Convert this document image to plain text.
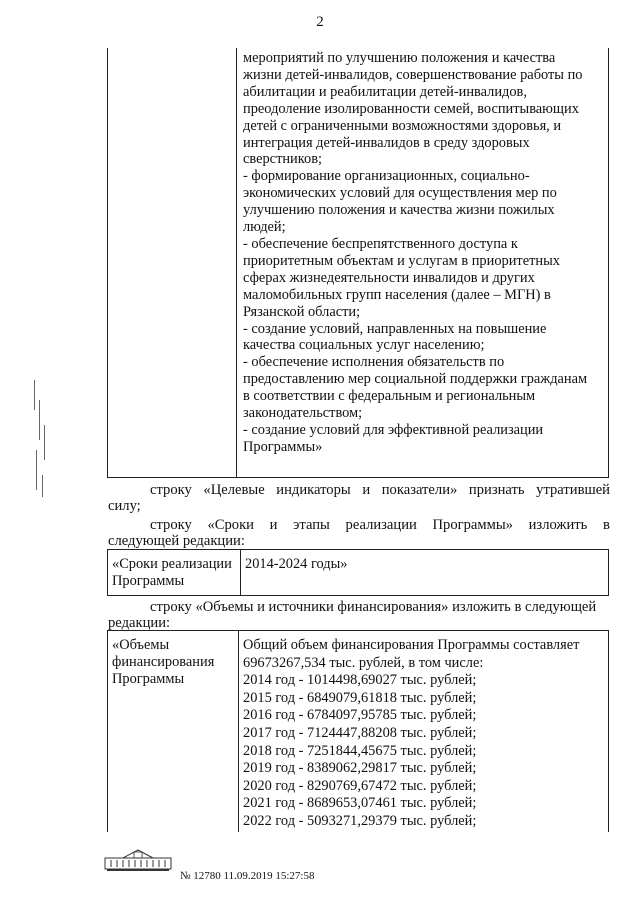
2
мероприятий по улучшению положения и качества
жизни детей-инвалидов, совершенствование работы по
абилитации и реабилитации детей-инвалидов,
преодоление изолированности семей, воспитывающих
детей с ограниченными возможностями здоровья, и
интеграция детей-инвалидов в среду здоровых
сверстников;
- формирование организационных, социально-
экономических условий для осуществления мер по
улучшению положения и качества жизни пожилых
людей;
- обеспечение беспрепятственного доступа к
приоритетным объектам и услугам в приоритетных
сферах жизнедеятельности инвалидов и других
маломобильных групп населения (далее – МГН) в
Рязанской области;
- создание условий, направленных на повышение
качества социальных услуг населению;
- обеспечение исполнения обязательств по
предоставлению мер социальной поддержки гражданам
в соответствии с федеральным и региональным
законодательством;
- создание условий для эффективной реализации
Программы»
строку «Целевые индикаторы и показатели» признать утратившей
силу;
строку «Сроки и этапы реализации Программы» изложить в
следующей редакции:
«Сроки реализации
Программы
2014-2024 годы»
строку «Объемы и источники финансирования» изложить в следующей
редакции:
«Объемы
финансирования
Программы
Общий объем финансирования Программы составляет
69673267,534 тыс. рублей, в том числе:
2014 год - 1014498,69027 тыс. рублей;
2015 год - 6849079,61818 тыс. рублей;
2016 год - 6784097,95785 тыс. рублей;
2017 год - 7124447,88208 тыс. рублей;
2018 год - 7251844,45675 тыс. рублей;
2019 год - 8389062,29817 тыс. рублей;
2020 год - 8290769,67472 тыс. рублей;
2021 год - 8689653,07461 тыс. рублей;
2022 год - 5093271,29379 тыс. рублей;
№ 12780 11.09.2019 15:27:58
